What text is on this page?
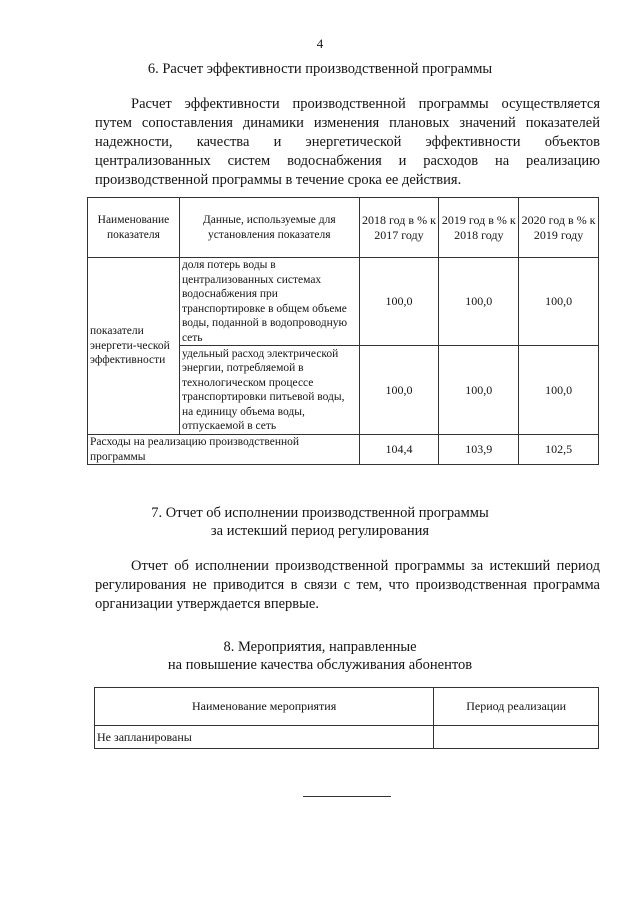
4
6. Расчет эффективности производственной программы
Расчет эффективности производственной программы осуществляется путем сопоставления динамики изменения плановых значений показателей надежности, качества и энергетической эффективности объектов централизованных систем водоснабжения и расходов на реализацию производственной программы в течение срока ее действия.
Наименование показателя	Данные, используемые для установления показателя	2018 год в % к 2017 году	2019 год в % к 2018 году	2020 год в % к 2019 году
показатели энергети-ческой эффективности	доля потерь воды в централизованных системах водоснабжения при транспортировке в общем объеме воды, поданной в водопроводную сеть	100,0	100,0	100,0
	удельный расход электрической энергии, потребляемой в технологическом процессе транспортировки питьевой воды, на единицу объема воды, отпускаемой в сеть	100,0	100,0	100,0
Расходы на реализацию производственной программы		104,4	103,9	102,5
7. Отчет об исполнении производственной программы
за истекший период регулирования
Отчет об исполнении производственной программы за истекший период регулирования не приводится в связи с тем, что производственная программа организации утверждается впервые.
8. Мероприятия, направленные
на повышение качества обслуживания абонентов
Наименование мероприятия	Период реализации
Не запланированы	
